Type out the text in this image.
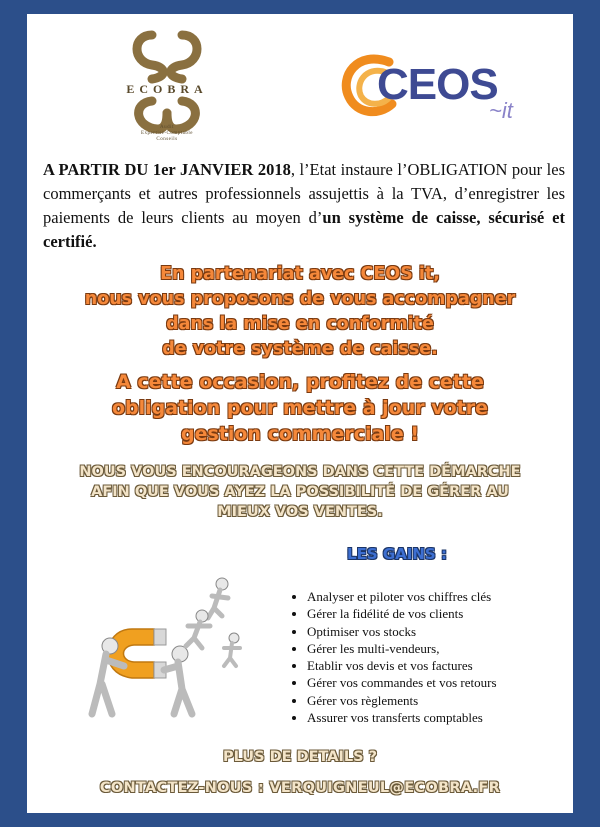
ECOBRA
Audit
Expertise-Comptable
Conseils
CEOS
~it
A PARTIR DU 1er JANVIER 2018, l’Etat instaure l’OBLIGATION pour les commerçants et autres professionnels assujettis à la TVA, d’enregistrer les paiements de leurs clients au moyen d’un système de caisse, sécurisé et certifié.
En partenariat avec CEOS it,
nous vous proposons de vous accompagner
dans la mise en conformité
de votre système de caisse.
A cette occasion, profitez de cette
obligation pour mettre à jour votre
gestion commerciale !
NOUS VOUS ENCOURAGEONS DANS CETTE DÉMARCHE
AFIN QUE VOUS AYEZ LA POSSIBILITÉ DE GÉRER AU
MIEUX VOS VENTES.
LES GAINS :
• Analyser et piloter vos chiffres clés
• Gérer la fidélité de vos clients
• Optimiser vos stocks
• Gérer les multi-vendeurs,
• Etablir vos devis et vos factures
• Gérer vos commandes et vos retours
• Gérer vos règlements
• Assurer vos transferts comptables
PLUS DE DETAILS ?
CONTACTEZ-NOUS : VERQUIGNEUL@ECOBRA.FR
